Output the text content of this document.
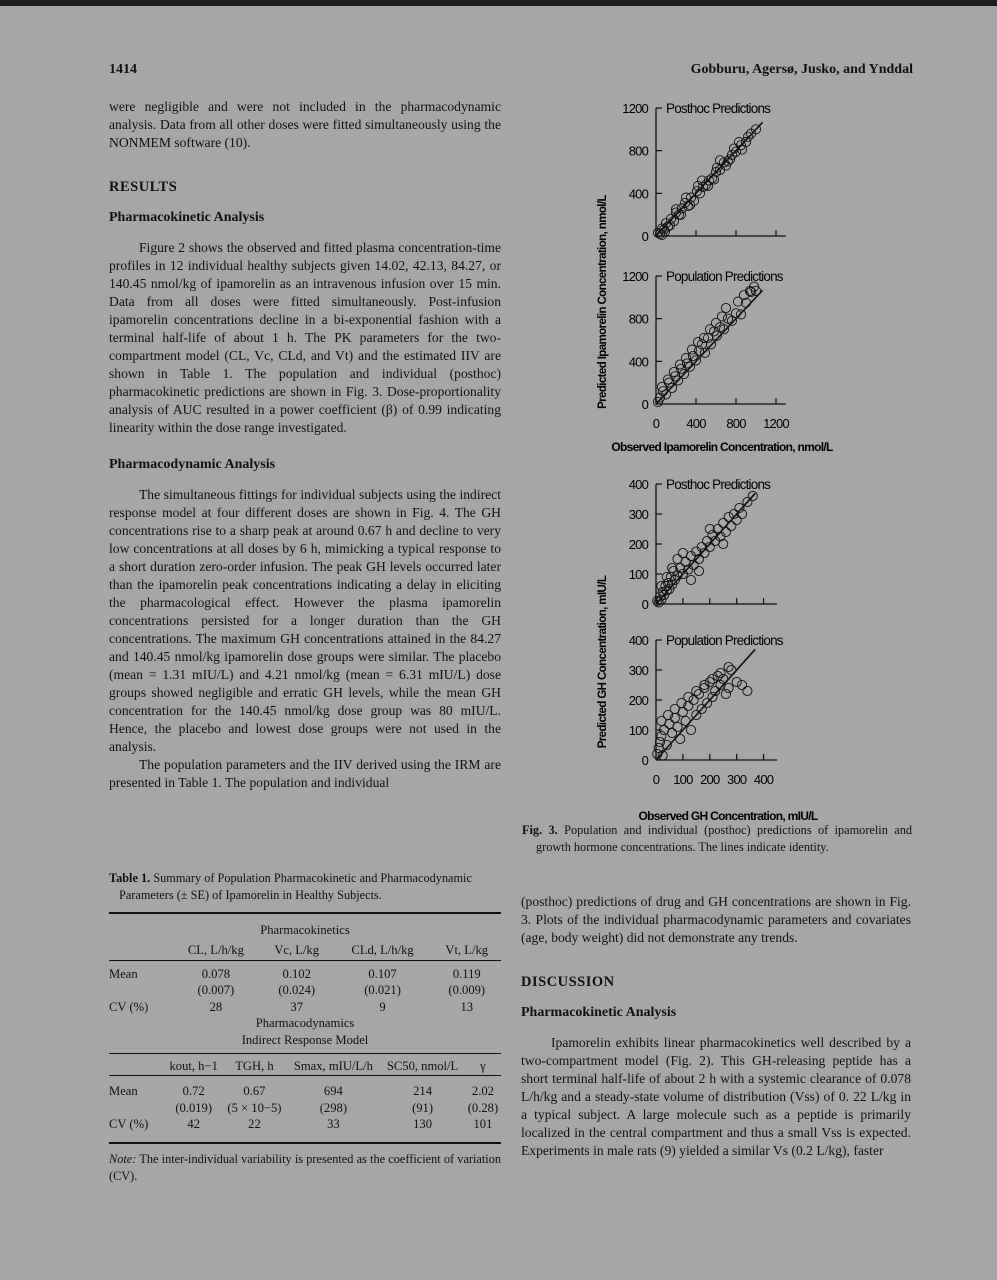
1414	Gobburu, Agersø, Jusko, and Ynddal

were negligible and were not included in the pharmacodynamic analysis. Data from all other doses were fitted simultaneously using the NONMEM software (10).

RESULTS
Pharmacokinetic Analysis

Figure 2 shows the observed and fitted plasma concentration-time profiles in 12 individual healthy subjects given 14.02, 42.13, 84.27, or 140.45 nmol/kg of ipamorelin as an intravenous infusion over 15 min. Data from all doses were fitted simultaneously. Post-infusion ipamorelin concentrations decline in a bi-exponential fashion with a terminal half-life of about 1 h. The PK parameters for the two-compartment model (CL, Vc, CLd, and Vt) and the estimated IIV are shown in Table 1. The population and individual (posthoc) pharmacokinetic predictions are shown in Fig. 3. Dose-proportionality analysis of AUC resulted in a power coefficient (β) of 0.99 indicating linearity within the dose range investigated.

Pharmacodynamic Analysis

The simultaneous fittings for individual subjects using the indirect response model at four different doses are shown in Fig. 4. The GH concentrations rise to a sharp peak at around 0.67 h and decline to very low concentrations at all doses by 6 h, mimicking a typical response to a short duration zero-order infusion. The peak GH levels occurred later than the ipamorelin peak concentrations indicating a delay in eliciting the pharmacological effect. However the plasma ipamorelin concentrations persisted for a longer duration than the GH concentrations. The maximum GH concentrations attained in the 84.27 and 140.45 nmol/kg ipamorelin dose groups were similar. The placebo (mean = 1.31 mIU/L) and 4.21 nmol/kg (mean = 6.31 mIU/L) dose groups showed negligible and erratic GH levels, while the mean GH concentration for the 140.45 nmol/kg dose group was 80 mIU/L. Hence, the placebo and lowest dose groups were not used in the analysis.

The population parameters and the IIV derived using the IRM are presented in Table 1. The population and individual

Table 1. Summary of Population Pharmacokinetic and Pharmacodynamic Parameters (± SE) of Ipamorelin in Healthy Subjects.
Pharmacokinetics				
	CL, L/h/kg	Vc, L/kg	CLd, L/h/kg	Vt, L/kg
Mean	0.078	0.102	0.107	0.119
	(0.007)	(0.024)	(0.021)	(0.009)
CV (%)	28	37	9	13
Pharmacodynamics				
Indirect Response Model				
	kout, h−1	TGH, h	Smax, mIU/L/h	SC50, nmol/L	γ
Mean	0.72	0.67	694	214	2.02
	(0.019)	(5 × 10−5)	(298)	(91)	(0.28)
CV (%)	42	22	33	130	101

Note: The inter-individual variability is presented as the coefficient of variation (CV).
0
400
800
1200 Posthoc Predictions
0
400
800
1200
0 400 800 1200
Population Predictions
0
100
200
300
400 Posthoc Predictions
0
100
200
300
400
0 100 200 300 400
Population Predictions
Predicted Ipamorelin Concentration, nmol/L
Observed Ipamorelin Concentration, nmol/L
Predicted GH Concentration, mIU/L
Observed GH Concentration, mIU/L
Fig. 3. Population and individual (posthoc) predictions of ipamorelin and growth hormone concentrations. The lines indicate identity.

(posthoc) predictions of drug and GH concentrations are shown in Fig. 3. Plots of the individual pharmacodynamic parameters and covariates (age, body weight) did not demonstrate any trends.

DISCUSSION
Pharmacokinetic Analysis

Ipamorelin exhibits linear pharmacokinetics well described by a two-compartment model (Fig. 2). This GH-releasing peptide has a short terminal half-life of about 2 h with a systemic clearance of 0.078 L/h/kg and a steady-state volume of distribution (Vss) of 0. 22 L/kg in a typical subject. A large molecule such as a peptide is primarily localized in the central compartment and thus a small Vss is expected. Experiments in male rats (9) yielded a similar Vs (0.2 L/kg), faster
